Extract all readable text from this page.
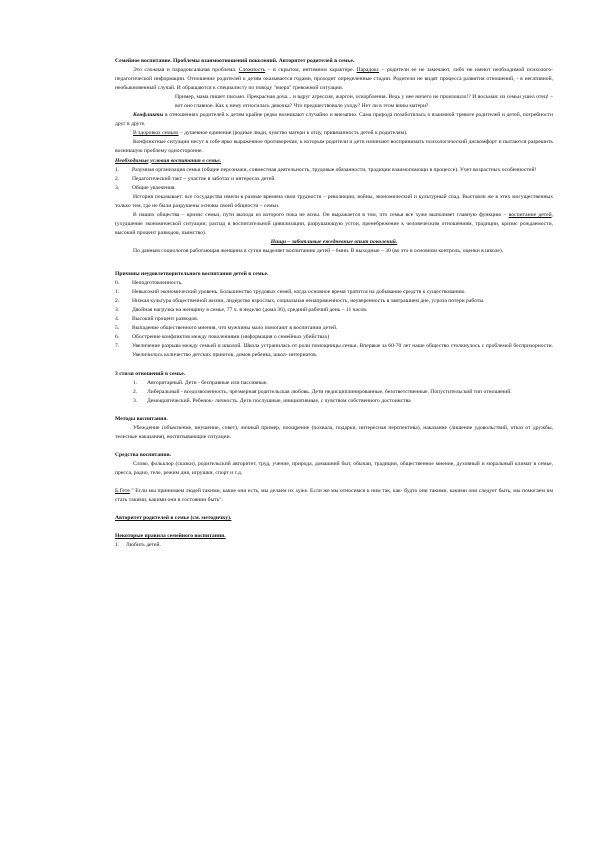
Семейное воспитание. Проблемы взаимоотношений поколений. Авторитет родителей в семье.

Это сложная и парадоксальная проблема. Сложность – в скрытом, интимном характере. Парадокс – родители ее не замечают, либо не имеют необходимой психолого-педагогической информации. Отношение родителей к детям оказывается годами, проходит определенные стадии. Родители не видят процесса развития отношений, - в негативной, необыкновенный случай. И обращаются к специалисту по поводу "вчера" тревожной ситуации.

Пример, мама пишет письмо. Прекрасная доча... и вдруг агрессия, жаргон, оскорбления. Ведь у нее ничего не произошло!? И восьмая: из семьи ушел отец! – вот оно главное. Как к нему относилась девочка? Что предшествовало уходу? Нет ли в этом вины матери?

Конфликты в отношениях родителей к детям крайне редко возникают случайно и внезапно. Сама природа позаботилась о взаимной тревоге родителей и детей, потребности друг в друге.

В здоровых семьях – душевное единение (родные люди, чувство матери к отцу, привязанность детей к родителям).

Конфликтные ситуации несут в себе ярко выраженное противоречие, к которым родители и дети начинают воспринимать психологический дискомфорт и пытаются разрешить возникшую проблему односторонне.

Необходимые условия воспитания в семье.

1. Разумная организация семьи (общие персонажи, совместная деятельность, трудовые обязанности, традиции взаимопомощи в процессе). Учет возрастных особенностей!

2. Педагогический такт – участие в заботах и интересах детей.

3. Общие увлечения.

История показывает: все государства имели в разные времена свои трудности – революции, войны, экономический и культурный спад. Выстояли же в этих могущественных только тем, где не были разрушены основы своей общности – семьи.

В наших общества – кризис семьи, пути выхода из которого пока не ясны. Он выражается в том, что семья все хуже выполняет главную функцию – воспитание детей, (ухудшение экономической ситуации; распад в воспитательной цивилизации, разрушающую устои, пренебрежение к человеческим отношениям, традиции, кризис рождаемости, высокий процент разводов, пьянство).

Нищи – заботливые ежедневные опыт поколений.

По данным социологов работающая женщина в сутки выделяет воспитанию детей – 6мин. В выходные – 30 (во это в основном контроль, оценки в школе).

Причины неудовлетворительного воспитания детей в семье.

0. Неподготовленность.

1. Невысокий экономический уровень. Большинство трудовых семей, когда основное время тратится на добывание средств к существованию.

2. Низкая культура общественной жизни, лидерство взрослых, социальная ненапряженность, неуверенность в завтрашнем дне, угроза потери работы.

3. Двойная нагрузка на женщину в семье, 77 ч. в неделю (дома 36), средний рабочий день – 11 часов.

4. Высокий процент разводов.

5. Выпадение общественного мнения, что мужчины мало помогают в воспитании детей.

6. Обострение конфликтов между поколениями (информация о семейных убийствах)

7. Увеличение разрыва между семьей и школой. Школа устранилась от роли помощницы семьи. Впервые за 60-70 лет наше общество столкнулось с проблемой беспризорности. Увеличилось количество детских приютов, домов ребенка, школ- интернатов.

3 стиля отношений в семье.

1. Авторитарный. Дети - бесправные или пассивные.

2. Либеральный - вседозволенность, чрезмерная родительская любовь. Дети недисциплинированные, безответственные. Попустительский тип отношений.

3. Демократический. Ребенок- личность. Дети послушные, инициативные, с чувством собственного достоинства

Методы воспитания.

Убеждение (объяснение, внушение, совет), личный пример, поощрение (похвала, подарки, интересная перспектива), наказание (лишение удовольствий, отказ от дружбы, телесные наказания), воспитывающие ситуации.

Средства воспитания.

Слово, фольклор (сказки), родительский авторитет, труд, учение, природа, домашний быт, обычаи, традиции, общественное мнение, духовный и моральный климат в семье, пресса, радио, теле, режим дня, игрушки, спорт и т.д.

Б.Гете " Если мы принимаем людей такими, какие они есть, мы делаем их хуже. Если же мы относимся к ним так, как- будто они такими, какими они следует быть, мы помогаем им стать такими, какими они в состоянии быть".

Авторитет родителей в семье (см. методичку).

Некоторые правила семейного воспитания.

1. Любить детей.
